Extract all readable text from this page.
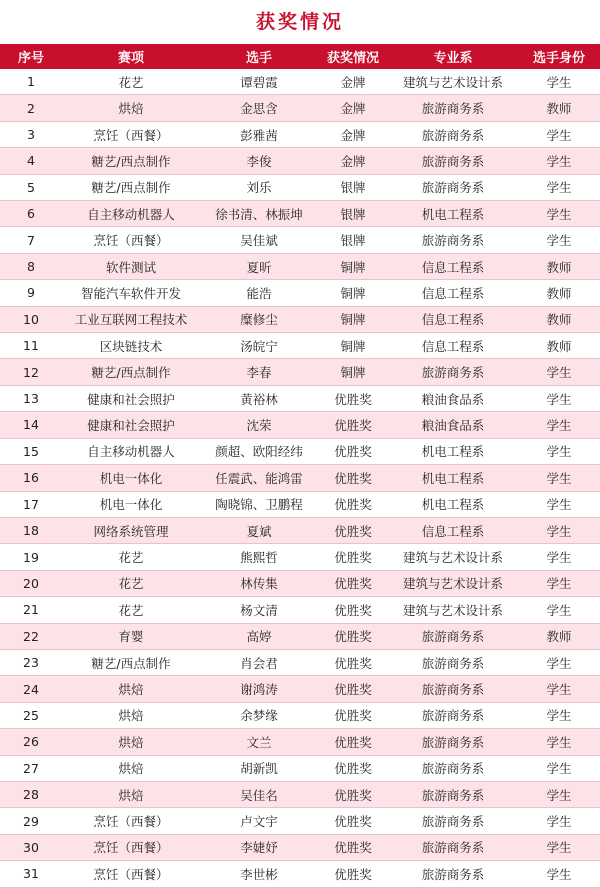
获奖情况
序号	赛项	选手	获奖情况	专业系	选手身份
1	花艺	谭碧霞	金牌	建筑与艺术设计系	学生
2	烘焙	金思含	金牌	旅游商务系	教师
3	烹饪（西餐）	彭雅茜	金牌	旅游商务系	学生
4	糖艺/西点制作	李俊	金牌	旅游商务系	学生
5	糖艺/西点制作	刘乐	银牌	旅游商务系	学生
6	自主移动机器人	徐书清、林振坤	银牌	机电工程系	学生
7	烹饪（西餐）	吴佳斌	银牌	旅游商务系	学生
8	软件测试	夏昕	铜牌	信息工程系	教师
9	智能汽车软件开发	能浩	铜牌	信息工程系	教师
10	工业互联网工程技术	糜修尘	铜牌	信息工程系	教师
11	区块链技术	汤皖宁	铜牌	信息工程系	教师
12	糖艺/西点制作	李春	铜牌	旅游商务系	学生
13	健康和社会照护	黄裕林	优胜奖	粮油食品系	学生
14	健康和社会照护	沈荣	优胜奖	粮油食品系	学生
15	自主移动机器人	颜超、欧阳经纬	优胜奖	机电工程系	学生
16	机电一体化	任震武、能鸿雷	优胜奖	机电工程系	学生
17	机电一体化	陶晓锦、卫鹏程	优胜奖	机电工程系	学生
18	网络系统管理	夏斌	优胜奖	信息工程系	学生
19	花艺	熊熙哲	优胜奖	建筑与艺术设计系	学生
20	花艺	林传集	优胜奖	建筑与艺术设计系	学生
21	花艺	杨文清	优胜奖	建筑与艺术设计系	学生
22	育婴	高婷	优胜奖	旅游商务系	教师
23	糖艺/西点制作	肖会君	优胜奖	旅游商务系	学生
24	烘焙	谢鸿涛	优胜奖	旅游商务系	学生
25	烘焙	余梦缘	优胜奖	旅游商务系	学生
26	烘焙	文兰	优胜奖	旅游商务系	学生
27	烘焙	胡新凯	优胜奖	旅游商务系	学生
28	烘焙	吴佳名	优胜奖	旅游商务系	学生
29	烹饪（西餐）	卢文宇	优胜奖	旅游商务系	学生
30	烹饪（西餐）	李婕妤	优胜奖	旅游商务系	学生
31	烹饪（西餐）	李世彬	优胜奖	旅游商务系	学生
